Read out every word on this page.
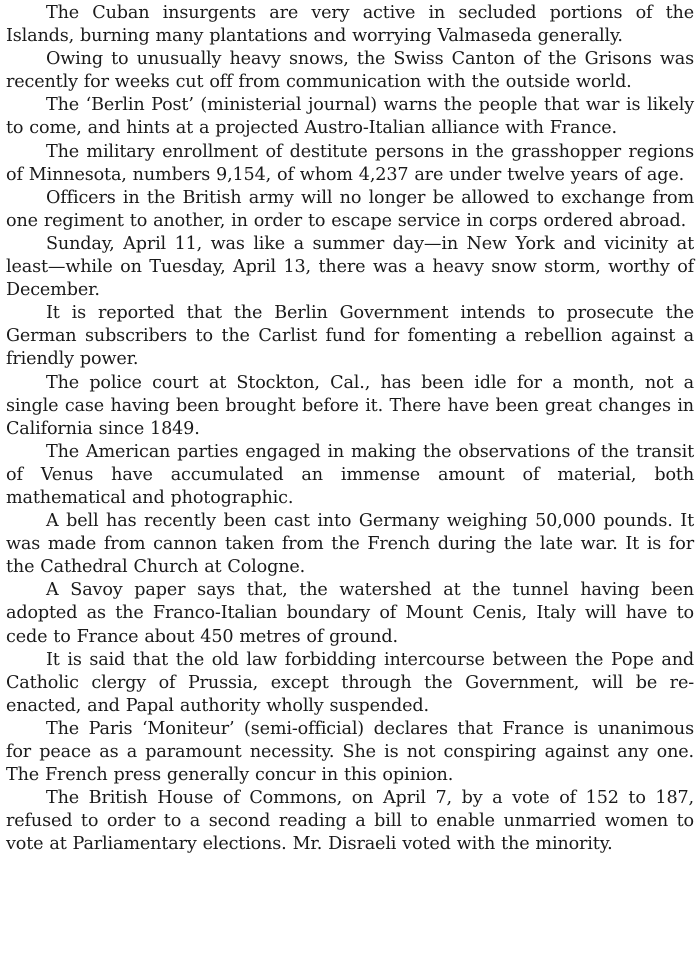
The Cuban insurgents are very active in secluded portions of the Islands, burning many plantations and worrying Valmaseda generally.

Owing to unusually heavy snows, the Swiss Canton of the Grisons was recently for weeks cut off from communication with the outside world.

The ‘Berlin Post’ (ministerial journal) warns the people that war is likely to come, and hints at a projected Austro-Italian alliance with France.

The military enrollment of destitute persons in the grasshopper regions of Minnesota, numbers 9,154, of whom 4,237 are under twelve years of age.

Officers in the British army will no longer be allowed to exchange from one regiment to another, in order to escape service in corps ordered abroad.

Sunday, April 11, was like a summer day—in New York and vicinity at least—while on Tuesday, April 13, there was a heavy snow storm, worthy of December.

It is reported that the Berlin Government intends to prosecute the German subscribers to the Carlist fund for fomenting a rebellion against a friendly power.

The police court at Stockton, Cal., has been idle for a month, not a single case having been brought before it. There have been great changes in California since 1849.

The American parties engaged in making the observations of the transit of Venus have accumulated an immense amount of material, both mathematical and photographic.

A bell has recently been cast into Germany weighing 50,000 pounds. It was made from cannon taken from the French during the late war. It is for the Cathedral Church at Cologne.

A Savoy paper says that, the watershed at the tunnel having been adopted as the Franco-Italian boundary of Mount Cenis, Italy will have to cede to France about 450 metres of ground.

It is said that the old law forbidding intercourse between the Pope and Catholic clergy of Prussia, except through the Government, will be re-enacted, and Papal authority wholly suspended.

The Paris ‘Moniteur’ (semi-official) declares that France is unanimous for peace as a paramount necessity. She is not conspiring against any one. The French press generally concur in this opinion.

The British House of Commons, on April 7, by a vote of 152 to 187, refused to order to a second reading a bill to enable unmarried women to vote at Parliamentary elections. Mr. Disraeli voted with the minority.
